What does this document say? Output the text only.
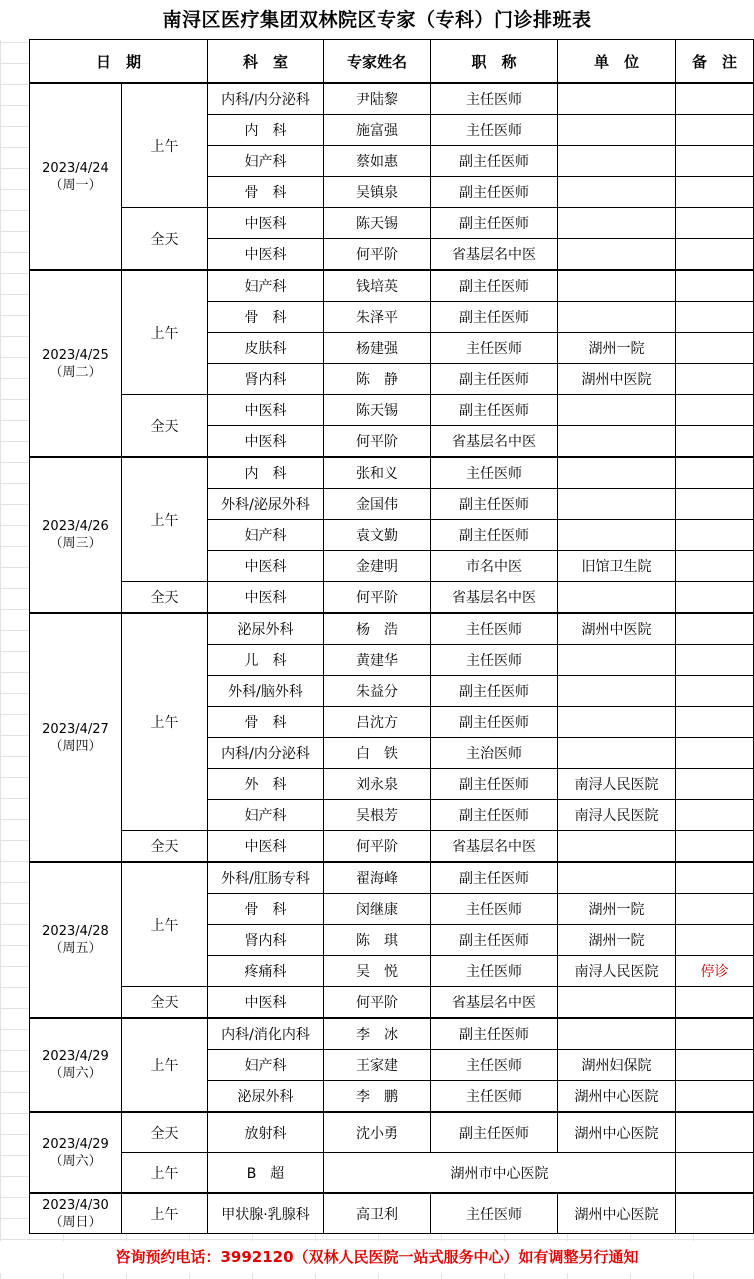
南浔区医疗集团双林院区专家（专科）门诊排班表
日　期		科　室	专家姓名	职　称	单　位	备　注
2023/4/24
（周一）	上午	内科/内分泌科	尹陆黎	主任医师		
		内　科	施富强	主任医师		
		妇产科	蔡如惠	副主任医师		
		骨　科	吴镇泉	副主任医师		
	全天	中医科	陈天锡	副主任医师		
		中医科	何平阶	省基层名中医		
2023/4/25
（周二）	上午	妇产科	钱培英	副主任医师		
		骨　科	朱泽平	副主任医师		
		皮肤科	杨建强	主任医师	湖州一院	
		肾内科	陈　静	副主任医师	湖州中医院	
	全天	中医科	陈天锡	副主任医师		
		中医科	何平阶	省基层名中医		
2023/4/26
（周三）	上午	内　科	张和义	主任医师		
		外科/泌尿外科	金国伟	副主任医师		
		妇产科	袁文勤	副主任医师		
		中医科	金建明	市名中医	旧馆卫生院	
	全天	中医科	何平阶	省基层名中医		
2023/4/27
（周四）	上午	泌尿外科	杨　浩	主任医师	湖州中医院	
		儿　科	黄建华	主任医师		
		外科/脑外科	朱益分	副主任医师		
		骨　科	吕沈方	副主任医师		
		内科/内分泌科	白　铁	主治医师		
		外　科	刘永泉	副主任医师	南浔人民医院	
		妇产科	吴根芳	副主任医师	南浔人民医院	
	全天	中医科	何平阶	省基层名中医		
2023/4/28
（周五）	上午	外科/肛肠专科	翟海峰	副主任医师		
		骨　科	闵继康	主任医师	湖州一院	
		肾内科	陈　琪	副主任医师	湖州一院	
		疼痛科	吴　悦	主任医师	南浔人民医院	停诊
	全天	中医科	何平阶	省基层名中医		
2023/4/29
（周六）	上午	内科/消化内科	李　冰	副主任医师		
		妇产科	王家建	主任医师	湖州妇保院	
		泌尿外科	李　鹏	主任医师	湖州中心医院	
2023/4/29
（周六）	全天	放射科	沈小勇	副主任医师	湖州中心医院	
	上午	B　超	湖州市中心医院			
2023/4/30
（周日）	上午	甲状腺·乳腺科	高卫利	主任医师	湖州中心医院	
咨询预约电话：3992120（双林人民医院一站式服务中心）如有调整另行通知
